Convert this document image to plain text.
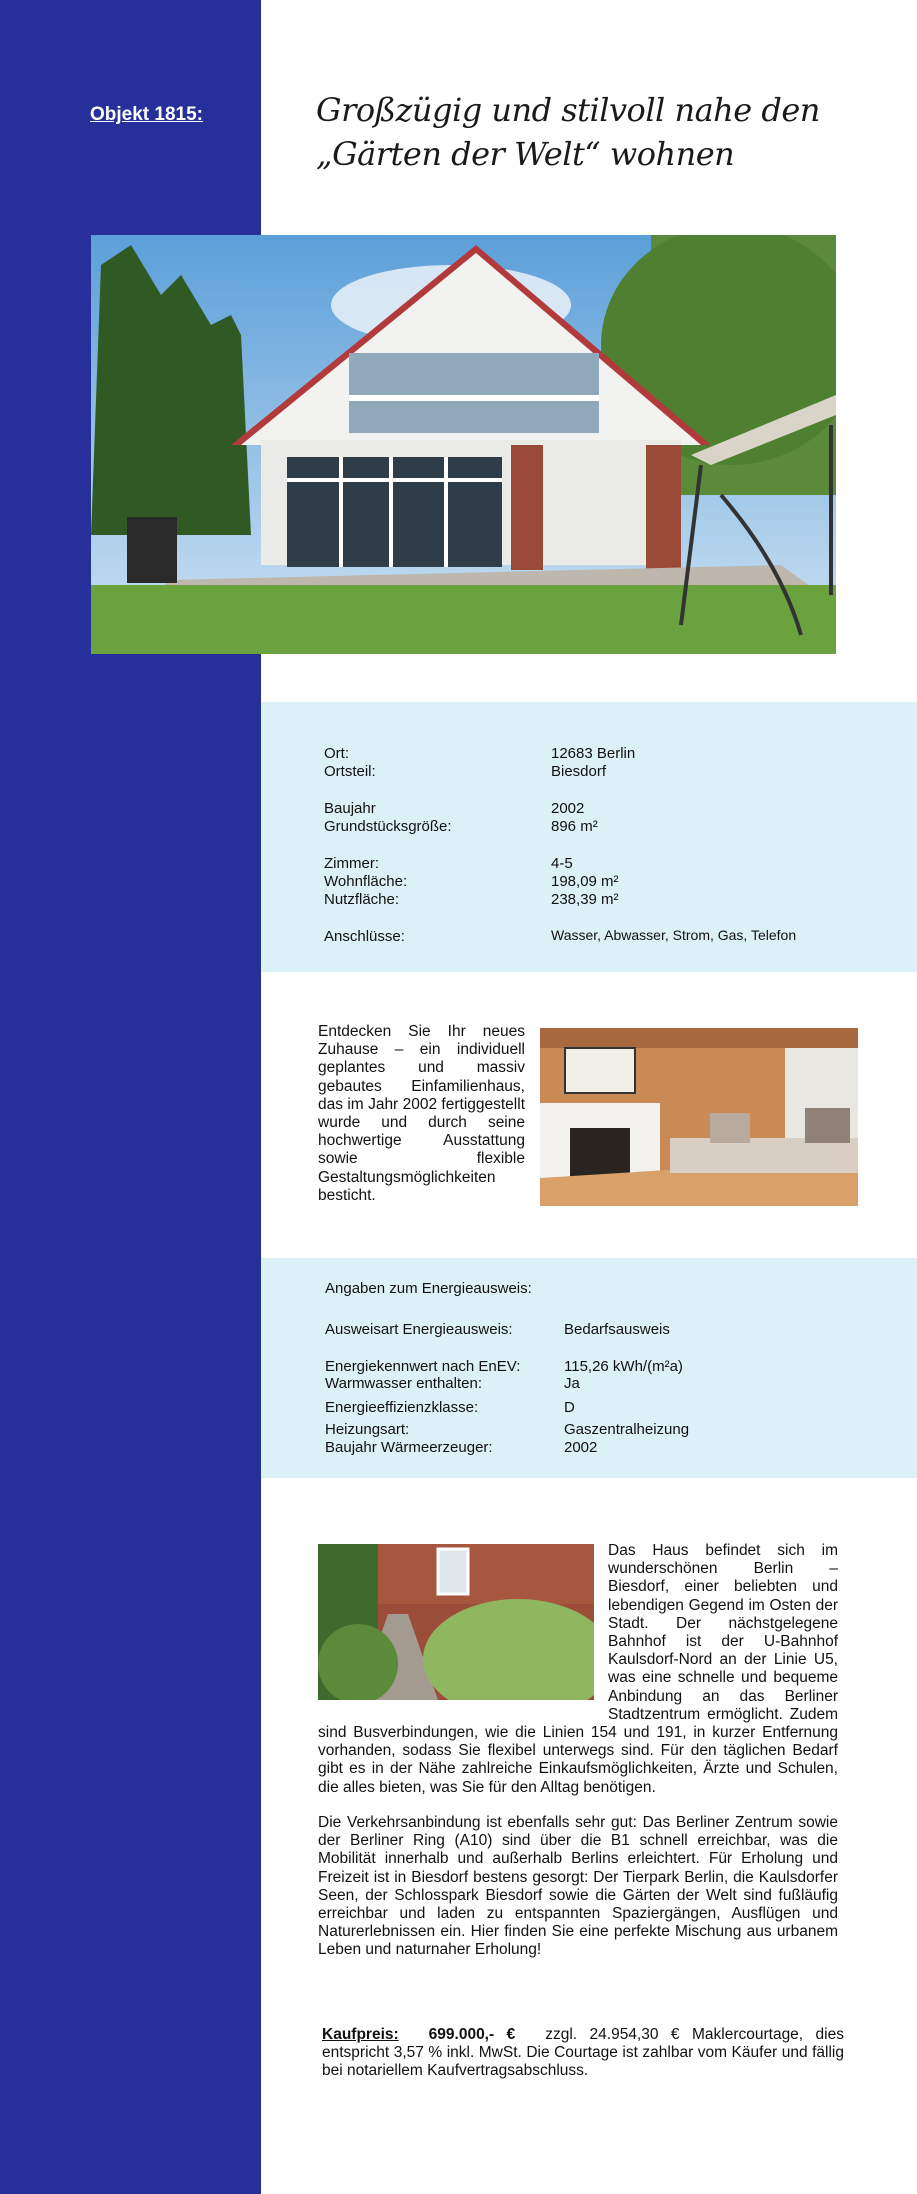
Objekt 1815:	Großzügig und stilvoll nahe den „Gärten der Welt“ wohnen
Ort:	12683 Berlin
Ortsteil:	Biesdorf
Baujahr	2002
Grundstücksgröße:	896 m²
Zimmer:	4-5
Wohnfläche:	198,09 m²
Nutzfläche:	238,39 m²
Anschlüsse:	Wasser, Abwasser, Strom, Gas, Telefon
Entdecken Sie Ihr neues Zuhause – ein individuell geplantes und massiv gebautes Einfamilienhaus, das im Jahr 2002 fertiggestellt wurde und durch seine hochwertige Ausstattung sowie flexible Gestaltungsmöglichkeiten besticht.
Angaben zum Energieausweis:
Ausweisart Energieausweis:	Bedarfsausweis
Energiekennwert nach EnEV:	115,26 kWh/(m²a)
Warmwasser enthalten:	Ja
Energieeffizienzklasse:	D
Heizungsart:	Gaszentralheizung
Baujahr Wärmeerzeuger:	2002

Das Haus befindet sich im wunderschönen Berlin – Biesdorf, einer beliebten und lebendigen Gegend im Osten der Stadt. Der nächstgelegene Bahnhof ist der U-Bahnhof Kaulsdorf-Nord an der Linie U5, was eine schnelle und bequeme Anbindung an das Berliner Stadtzentrum ermöglicht. Zudem sind Busverbindungen, wie die Linien 154 und 191, in kurzer Entfernung vorhanden, sodass Sie flexibel unterwegs sind. Für den täglichen Bedarf gibt es in der Nähe zahlreiche Einkaufsmöglichkeiten, Ärzte und Schulen, die alles bieten, was Sie für den Alltag benötigen.

Die Verkehrsanbindung ist ebenfalls sehr gut: Das Berliner Zentrum sowie der Berliner Ring (A10) sind über die B1 schnell erreichbar, was die Mobilität innerhalb und außerhalb Berlins erleichtert. Für Erholung und Freizeit ist in Biesdorf bestens gesorgt: Der Tierpark Berlin, die Kaulsdorfer Seen, der Schlosspark Biesdorf sowie die Gärten der Welt sind fußläufig erreichbar und laden zu entspannten Spaziergängen, Ausflügen und Naturerlebnissen ein. Hier finden Sie eine perfekte Mischung aus urbanem Leben und naturnaher Erholung!

Kaufpreis: 699.000,- € zzgl. 24.954,30 € Maklercourtage, dies entspricht 3,57 % inkl. MwSt. Die Courtage ist zahlbar vom Käufer und fällig bei notariellem Kaufvertragsabschluss.
